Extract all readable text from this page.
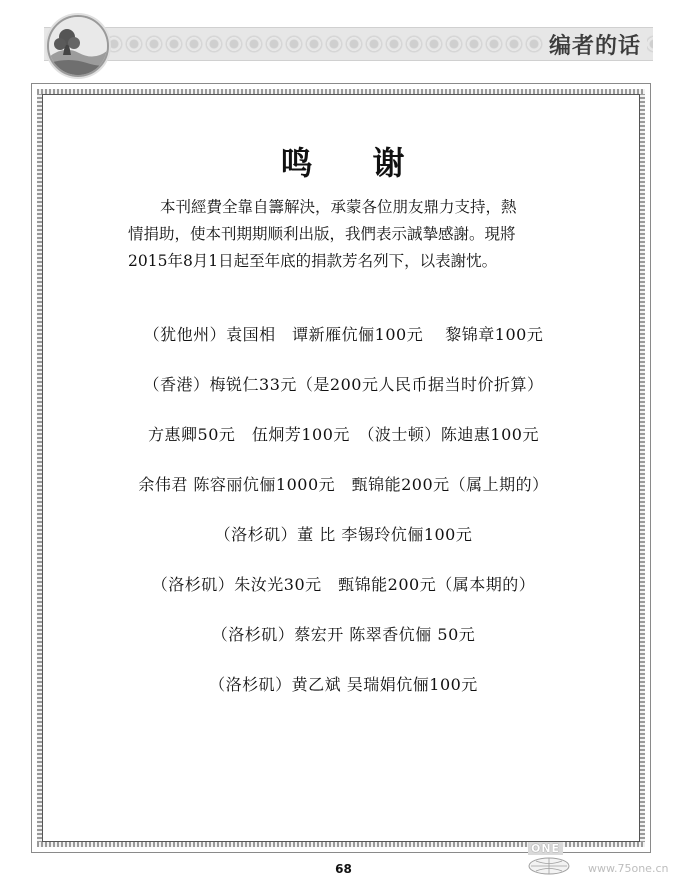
编者的话
鸣 谢

本刊經費全靠自籌解決，承蒙各位朋友鼎力支持，熱

情捐助，使本刊期期顺利出版，我們表示誠摯感謝。現將

2015年8月1日起至年底的捐款芳名列下，以表謝忱。

（犹他州）袁国相　谭新雁伉俪100元　 黎锦章100元
（香港）梅锐仁33元（是200元人民币据当时价折算）
方惠卿50元　伍炯芳100元　（波士顿）陈迪惠100元
余伟君 陈容丽伉俪1000元　甄锦能200元（属上期的）
（洛杉矶）董 比 李锡玲伉俪100元
（洛杉矶）朱汝光30元　甄锦能200元（属本期的）
（洛杉矶）蔡宏开 陈翠香伉俪 50元
（洛杉矶）黄乙斌 吴瑞娟伉俪100元
68
ONE
www.75one.cn
